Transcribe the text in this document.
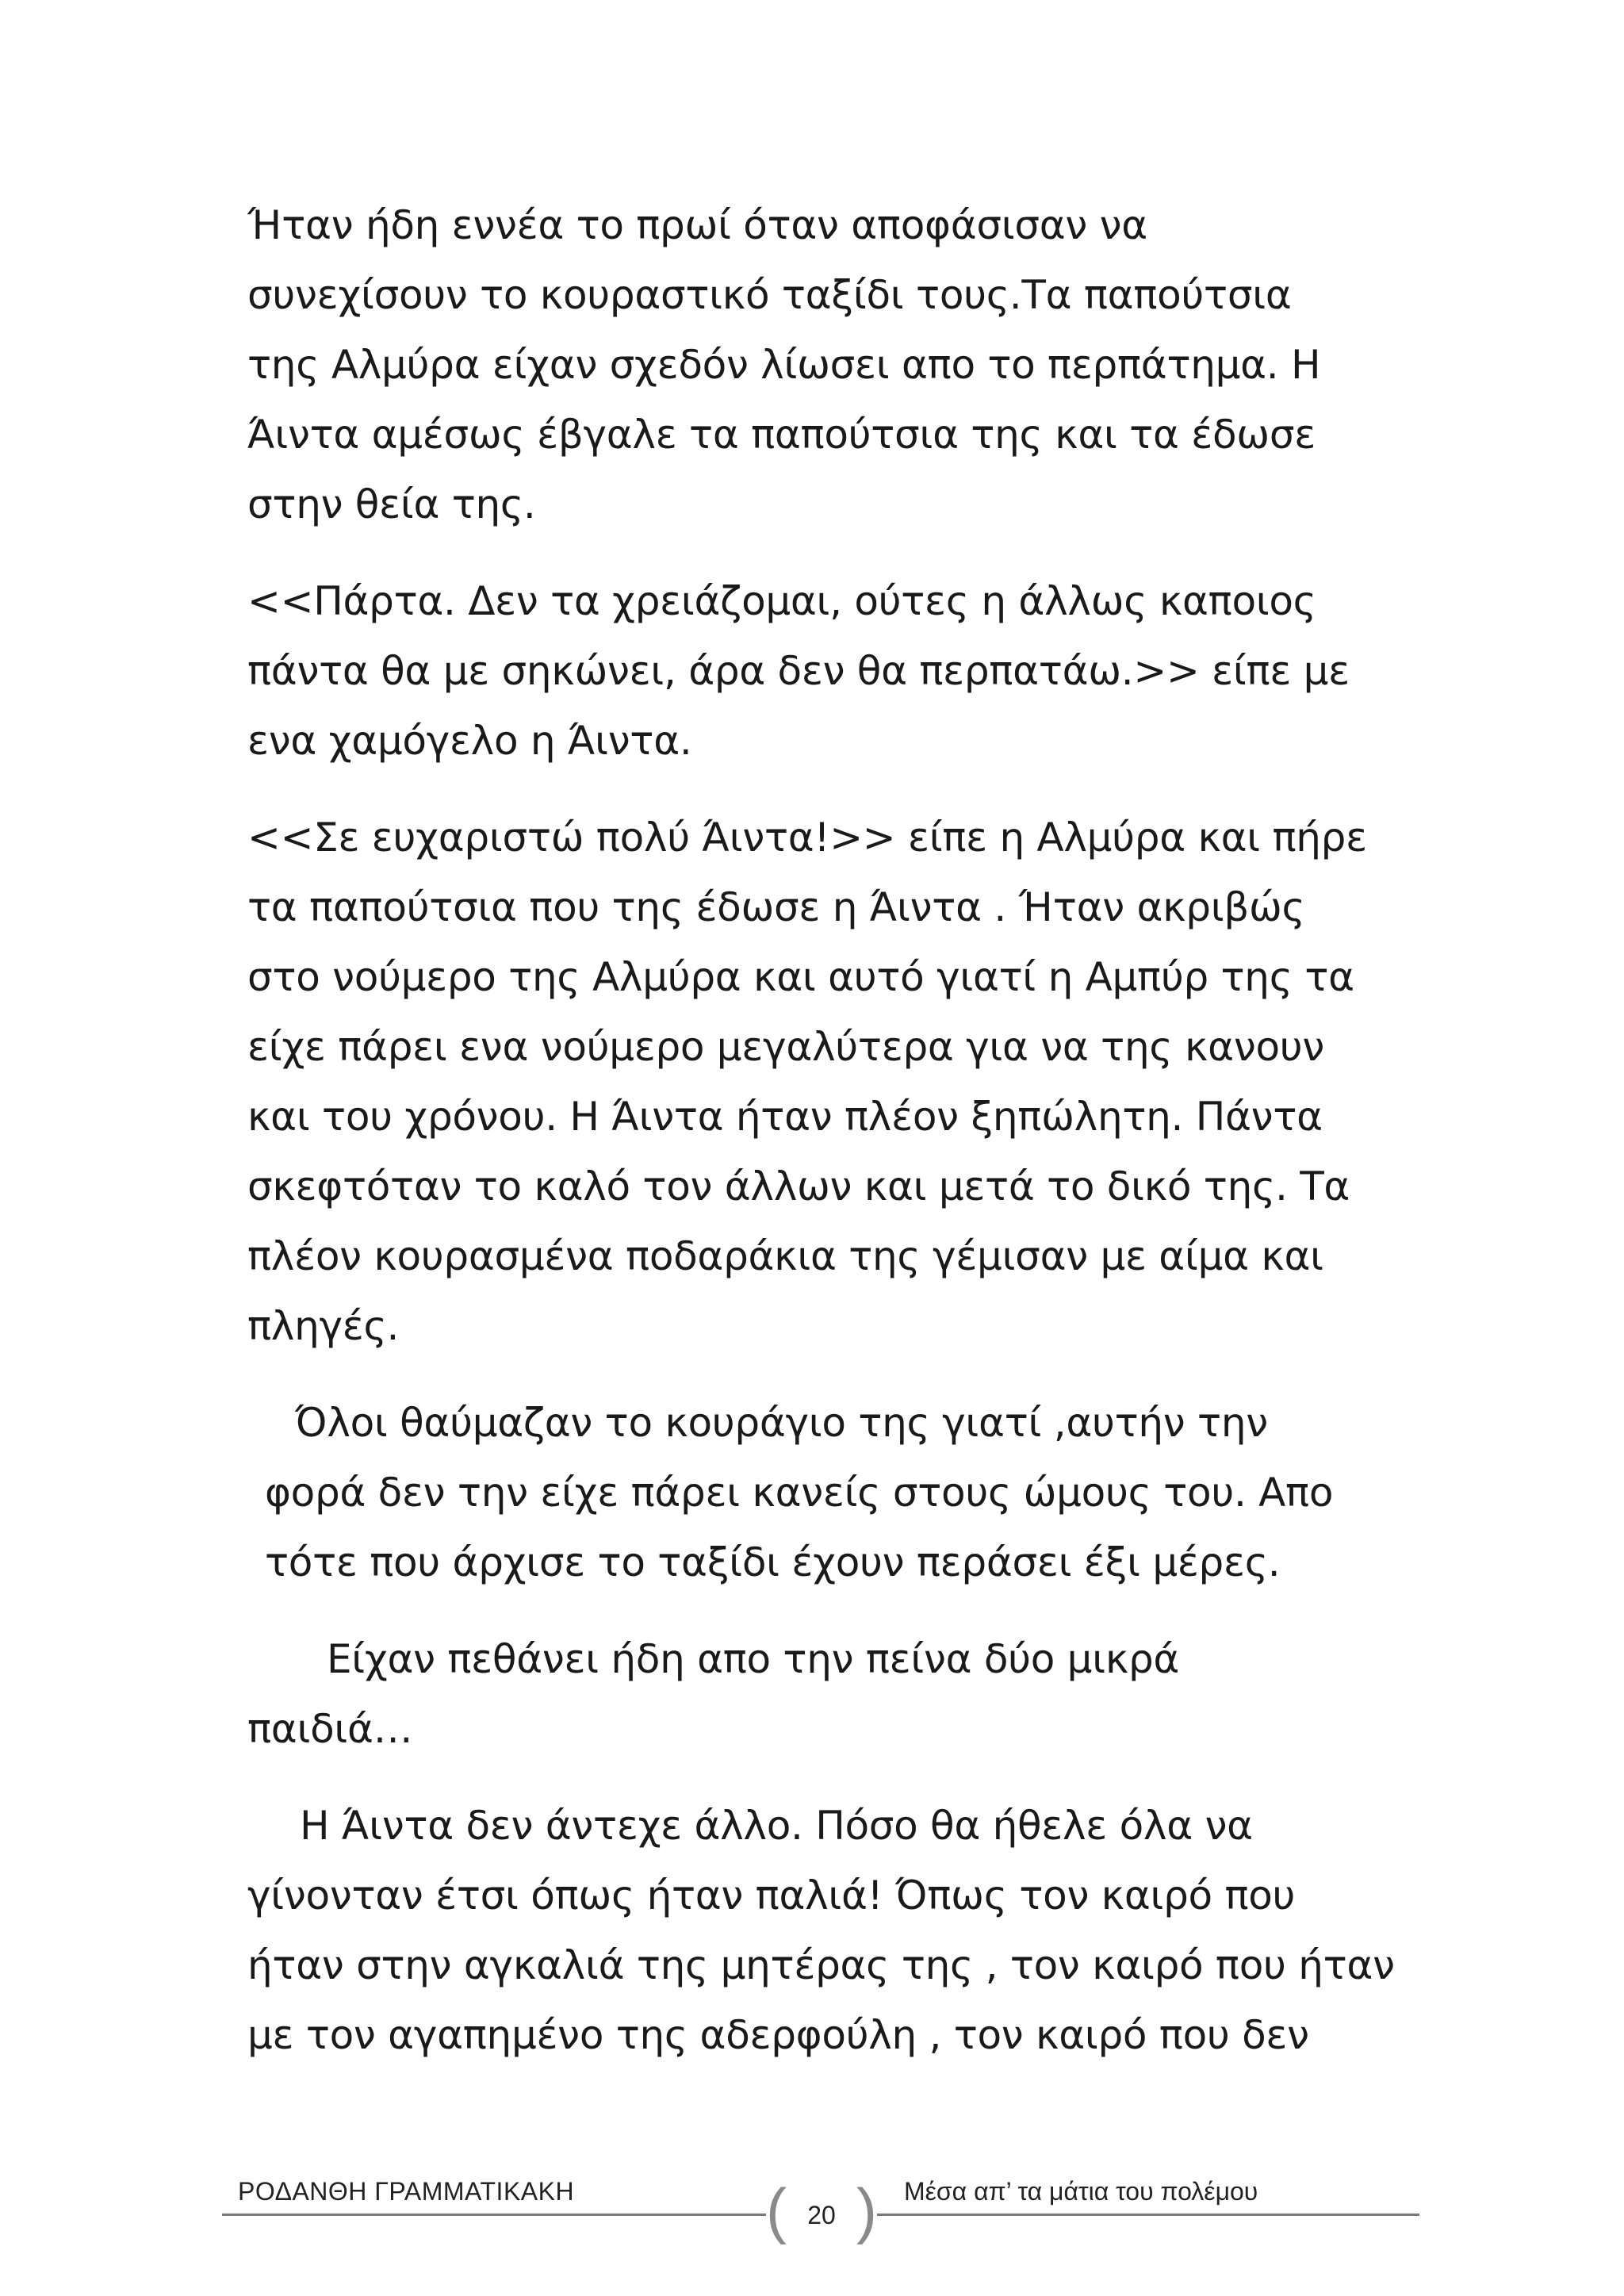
Ήταν ήδη εννέα το πρωί όταν αποφάσισαν να
συνεχίσουν το κουραστικό ταξίδι τους.Τα παπούτσια
της Αλμύρα είχαν σχεδόν λίωσει απο το περπάτημα. Η
Άιντα αμέσως έβγαλε τα παπούτσια της και τα έδωσε
στην θεία της.

<<Πάρτα. Δεν τα χρειάζομαι, ούτες η άλλως καποιος
πάντα θα με σηκώνει, άρα δεν θα περπατάω.>> είπε με
ενα χαμόγελο η Άιντα.

<<Σε ευχαριστώ πολύ Άιντα!>> είπε η Αλμύρα και πήρε
τα παπούτσια που της έδωσε η Άιντα . Ήταν ακριβώς
στο νούμερο της Αλμύρα και αυτό γιατί η Αμπύρ της τα
είχε πάρει ενα νούμερο μεγαλύτερα για να της κανουν
και του χρόνου. Η Άιντα ήταν πλέον ξηπώλητη. Πάντα
σκεφτόταν το καλό τον άλλων και μετά το δικό της. Τα
πλέον κουρασμένα ποδαράκια της γέμισαν με αίμα και
πληγές.

Όλοι θαύμαζαν το κουράγιο της γιατί ,αυτήν την
φορά δεν την είχε πάρει κανείς στους ώμους του. Απο
τότε που άρχισε το ταξίδι έχουν περάσει έξι μέρες.

Είχαν πεθάνει ήδη απο την πείνα δύο μικρά
παιδιά…

Η Άιντα δεν άντεχε άλλο. Πόσο θα ήθελε όλα να
γίνονταν έτσι όπως ήταν παλιά! Όπως τον καιρό που
ήταν στην αγκαλιά της μητέρας της , τον καιρό που ήταν
με τον αγαπημένο της αδερφούλη , τον καιρό που δεν

ΡΟΔΑΝΘΗ ΓΡΑΜΜΑΤΙΚΑΚΗ	( 20 ) Μέσα απ’ τα μάτια του πολέμου
